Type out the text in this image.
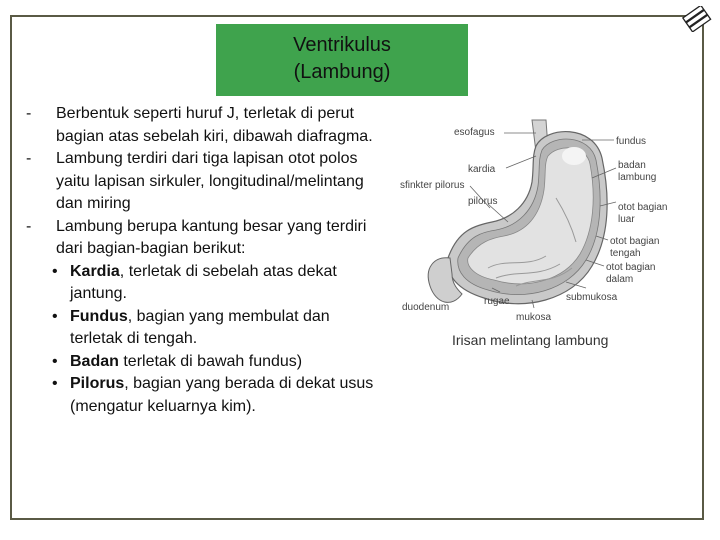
Ventrikulus
(Lambung)
- Berbentuk seperti huruf J, terletak di perut bagian atas sebelah kiri, dibawah diafragma.
- Lambung terdiri dari tiga lapisan otot polos yaitu lapisan sirkuler, longitudinal/melintang dan miring
- Lambung berupa kantung besar yang terdiri dari bagian-bagian berikut:
• Kardia, terletak di sebelah atas dekat jantung.
• Fundus, bagian yang membulat dan terletak di tengah.
• Badan terletak di bawah fundus)
• Pilorus, bagian yang berada di dekat usus (mengatur keluarnya kim).
esofagus
fundus
kardia	badan
lambung
sfinkter pilorus
pilorus
otot bagian
luar
otot bagian
tengah
otot bagian
dalam
rugae	submukosa
duodenum
mukosa
Irisan melintang lambung
